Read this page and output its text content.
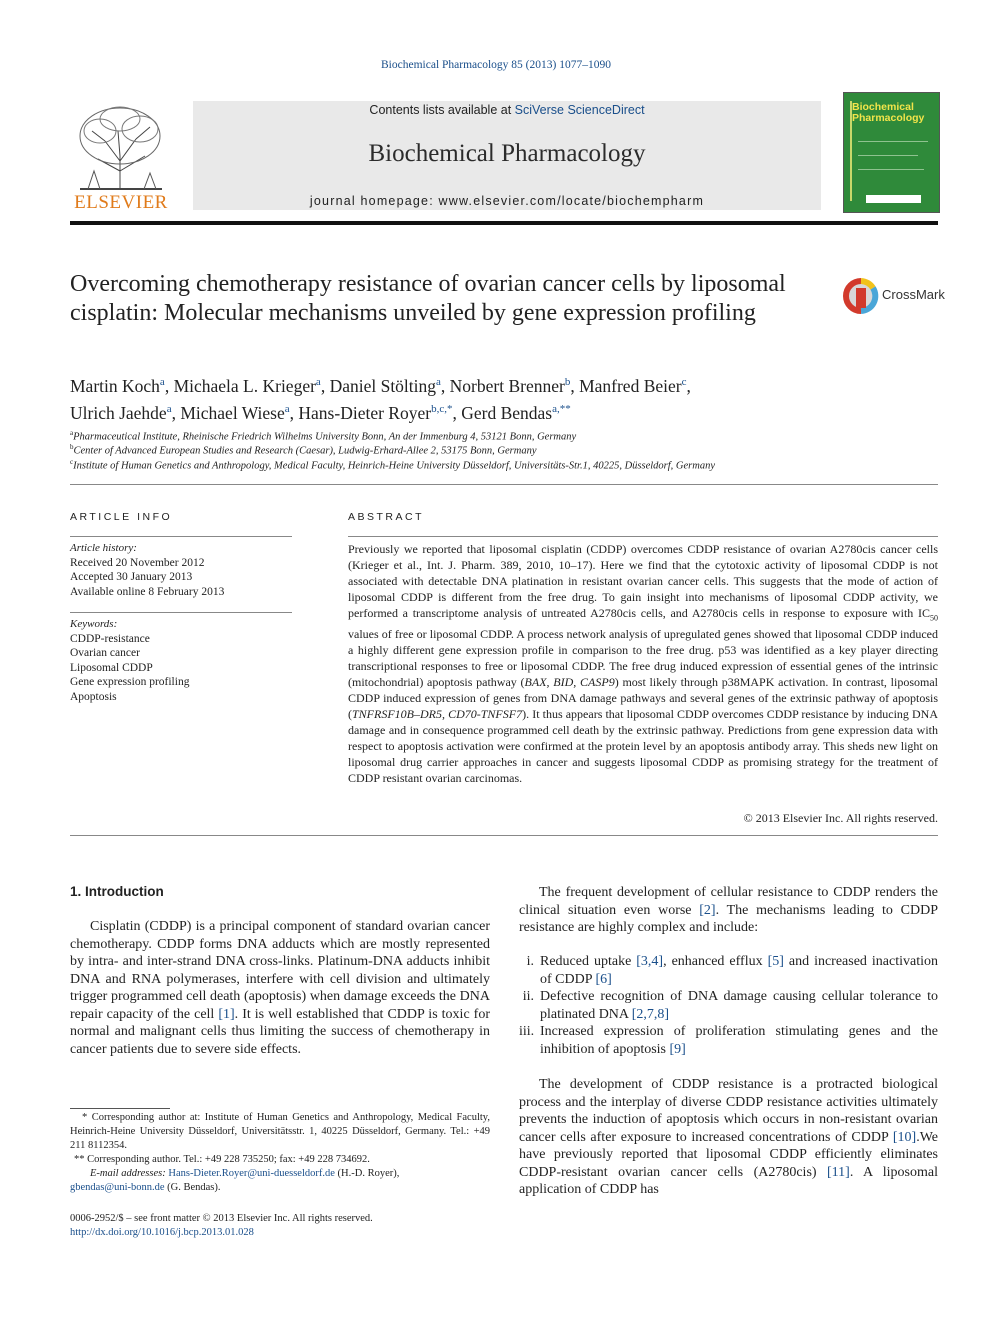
Biochemical Pharmacology 85 (2013) 1077–1090
ELSEVIER
Contents lists available at SciVerse ScienceDirect
Biochemical Pharmacology
journal homepage: www.elsevier.com/locate/biochempharm
Biochemical Pharmacology
Overcoming chemotherapy resistance of ovarian cancer cells by liposomal cisplatin: Molecular mechanisms unveiled by gene expression profiling
CrossMark
Martin Koch$^a$, Michaela L. Krieger$^a$, Daniel Stölting$^a$, Norbert Brenner$^b$, Manfred Beier$^c$,
Ulrich Jaehde$^a$, Michael Wiese$^a$, Hans-Dieter Royer$^{b,c,*}$, Gerd Bendas$^{a,**}$
$^a$Pharmaceutical Institute, Rheinische Friedrich Wilhelms University Bonn, An der Immenburg 4, 53121 Bonn, Germany
$^b$Center of Advanced European Studies and Research (Caesar), Ludwig-Erhard-Allee 2, 53175 Bonn, Germany
$^c$Institute of Human Genetics and Anthropology, Medical Faculty, Heinrich-Heine University Düsseldorf, Universitäts-Str.1, 40225, Düsseldorf, Germany
ARTICLE INFO
Article history:
Received 20 November 2012
Accepted 30 January 2013
Available online 8 February 2013
Keywords:
CDDP-resistance
Ovarian cancer
Liposomal CDDP
Gene expression profiling
Apoptosis
ABSTRACT
Previously we reported that liposomal cisplatin (CDDP) overcomes CDDP resistance of ovarian A2780cis cancer cells (Krieger et al., Int. J. Pharm. 389, 2010, 10–17). Here we find that the cytotoxic activity of liposomal CDDP is not associated with detectable DNA platination in resistant ovarian cancer cells. This suggests that the mode of action of liposomal CDDP is different from the free drug. To gain insight into mechanisms of liposomal CDDP activity, we performed a transcriptome analysis of untreated A2780cis cells, and A2780cis cells in response to exposure with $IC_{50}$ values of free or liposomal CDDP. A process network analysis of upregulated genes showed that liposomal CDDP induced a highly different gene expression profile in comparison to the free drug. p53 was identified as a key player directing transcriptional responses to free or liposomal CDDP. The free drug induced expression of essential genes of the intrinsic (mitochondrial) apoptosis pathway (BAX, BID, CASP9) most likely through p38MAPK activation. In contrast, liposomal CDDP induced expression of genes from DNA damage pathways and several genes of the extrinsic pathway of apoptosis (TNFRSF10B–DR5, CD70-TNFSF7). It thus appears that liposomal CDDP overcomes CDDP resistance by inducing DNA damage and in consequence programmed cell death by the extrinsic pathway. Predictions from gene expression data with respect to apoptosis activation were confirmed at the protein level by an apoptosis antibody array. This sheds new light on liposomal drug carrier approaches in cancer and suggests liposomal CDDP as promising strategy for the treatment of CDDP resistant ovarian carcinomas.
© 2013 Elsevier Inc. All rights reserved.
1. Introduction
Cisplatin (CDDP) is a principal component of standard ovarian cancer chemotherapy. CDDP forms DNA adducts which are mostly represented by intra- and inter-strand DNA cross-links. Platinum-DNA adducts inhibit DNA and RNA polymerases, interfere with cell division and ultimately trigger programmed cell death (apoptosis) when damage exceeds the DNA repair capacity of the cell [1]. It is well established that CDDP is toxic for normal and malignant cells thus limiting the success of chemotherapy in cancer patients due to severe side effects.
* Corresponding author at: Institute of Human Genetics and Anthropology, Medical Faculty, Heinrich-Heine University Düsseldorf, Universitätsstr. 1, 40225 Düsseldorf, Germany. Tel.: +49 211 8112354.
** Corresponding author. Tel.: +49 228 735250; fax: +49 228 734692.
E-mail addresses: Hans-Dieter.Royer@uni-duesseldorf.de (H.-D. Royer),
gbendas@uni-bonn.de (G. Bendas).
0006-2952/$ – see front matter © 2013 Elsevier Inc. All rights reserved.
http://dx.doi.org/10.1016/j.bcp.2013.01.028
The frequent development of cellular resistance to CDDP renders the clinical situation even worse [2]. The mechanisms leading to CDDP resistance are highly complex and include:
i. Reduced uptake [3,4], enhanced efflux [5] and increased inactivation of CDDP [6]
ii. Defective recognition of DNA damage causing cellular tolerance to platinated DNA [2,7,8]
iii. Increased expression of proliferation stimulating genes and the inhibition of apoptosis [9]
The development of CDDP resistance is a protracted biological process and the interplay of diverse CDDP resistance activities ultimately prevents the induction of apoptosis which occurs in non-resistant ovarian cancer cells after exposure to increased concentrations of CDDP [10].We have previously reported that liposomal CDDP efficiently eliminates CDDP-resistant ovarian cancer cells (A2780cis) [11]. A liposomal application of CDDP has
